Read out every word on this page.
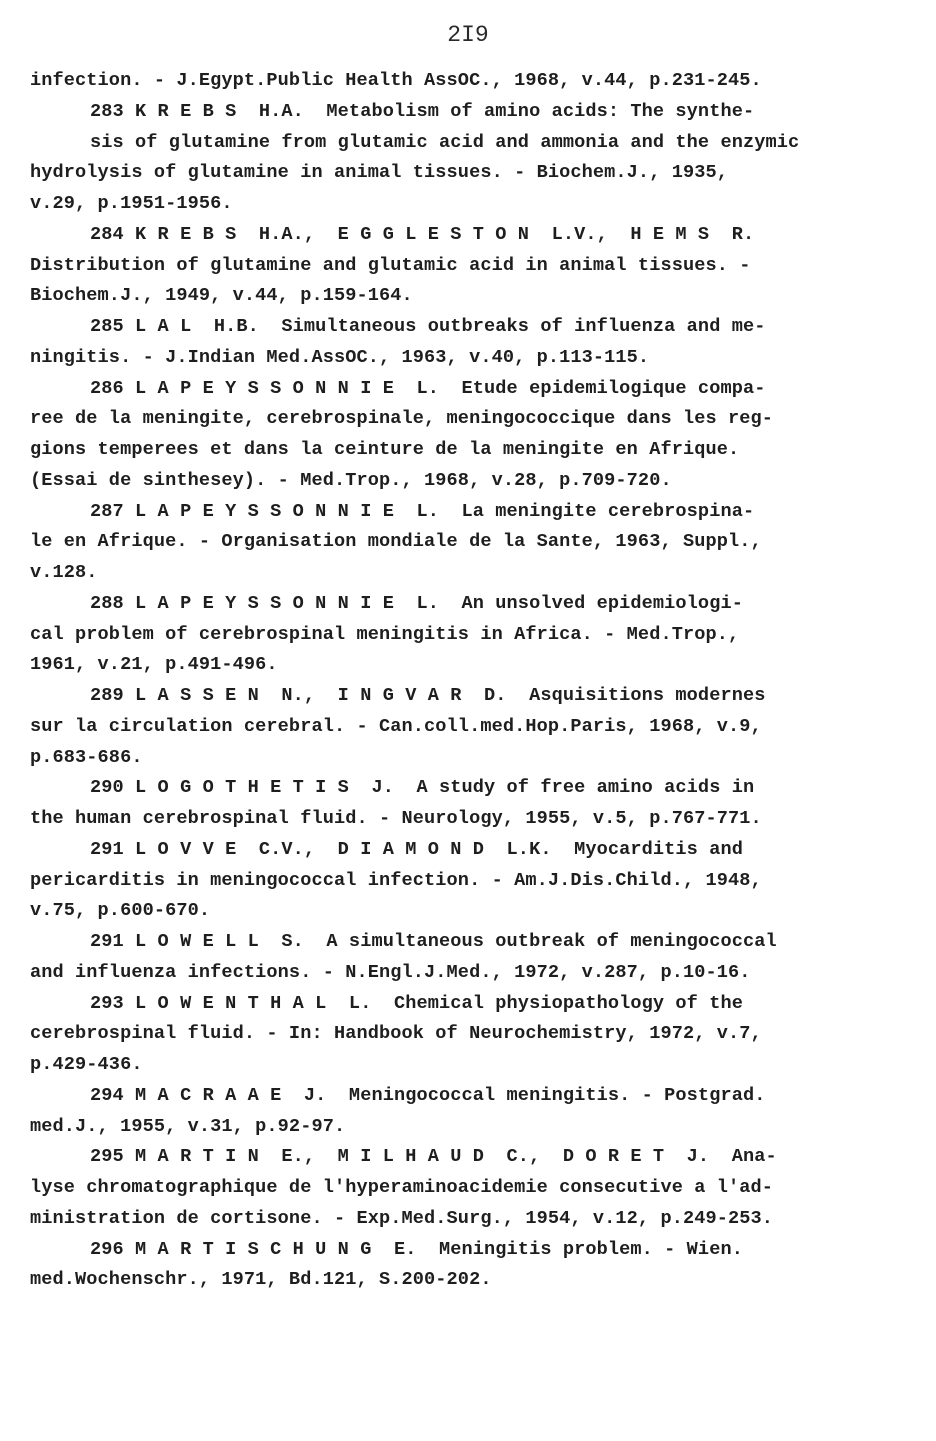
2I9
infection. - J.Egypt.Public Health AssOC., 1968, v.44, p.231-245.
283 K R E B S  H.A.  Metabolism of amino acids: The synthe-
sis of glutamine from glutamic acid and ammonia and the enzymic
hydrolysis of glutamine in animal tissues. - Biochem.J., 1935,
v.29, p.1951-1956.
284 K R E B S  H.A.,  E G G L E S T O N  L.V.,  H E M S  R.
Distribution of glutamine and glutamic acid in animal tissues. -
Biochem.J., 1949, v.44, p.159-164.
285 L A L  H.B.  Simultaneous outbreaks of influenza and me-
ningitis. - J.Indian Med.AssOC., 1963, v.40, p.113-115.
286 L A P E Y S S O N N I E  L.  Etude epidemilogique compa-
ree de la meningite, cerebrospinale, meningococcique dans les reg-
gions temperees et dans la ceinture de la meningite en Afrique.
(Essai de sinthesey). - Med.Trop., 1968, v.28, p.709-720.
287 L A P E Y S S O N N I E  L.  La meningite cerebrospina-
le en Afrique. - Organisation mondiale de la Sante, 1963, Suppl.,
v.128.
288 L A P E Y S S O N N I E  L.  An unsolved epidemiologi-
cal problem of cerebrospinal meningitis in Africa. - Med.Trop.,
1961, v.21, p.491-496.
289 L A S S E N  N.,  I N G V A R  D.  Asquisitions modernes
sur la circulation cerebral. - Can.coll.med.Hop.Paris, 1968, v.9,
p.683-686.
290 L O G O T H E T I S  J.  A study of free amino acids in
the human cerebrospinal fluid. - Neurology, 1955, v.5, p.767-771.
291 L O V V E  C.V.,  D I A M O N D  L.K.  Myocarditis and
pericarditis in meningococcal infection. - Am.J.Dis.Child., 1948,
v.75, p.600-670.
291 L O W E L L  S.  A simultaneous outbreak of meningococcal
and influenza infections. - N.Engl.J.Med., 1972, v.287, p.10-16.
293 L O W E N T H A L  L.  Chemical physiopathology of the
cerebrospinal fluid. - In: Handbook of Neurochemistry, 1972, v.7,
p.429-436.
294 M A C R A A E  J.  Meningococcal meningitis. - Postgrad.
med.J., 1955, v.31, p.92-97.
295 M A R T I N  E.,  M I L H A U D  C.,  D O R E T  J.  Ana-
lyse chromatographique de l'hyperaminoacidemie consecutive a l'ad-
ministration de cortisone. - Exp.Med.Surg., 1954, v.12, p.249-253.
296 M A R T I S C H U N G  E.  Meningitis problem. - Wien.
med.Wochenschr., 1971, Bd.121, S.200-202.
